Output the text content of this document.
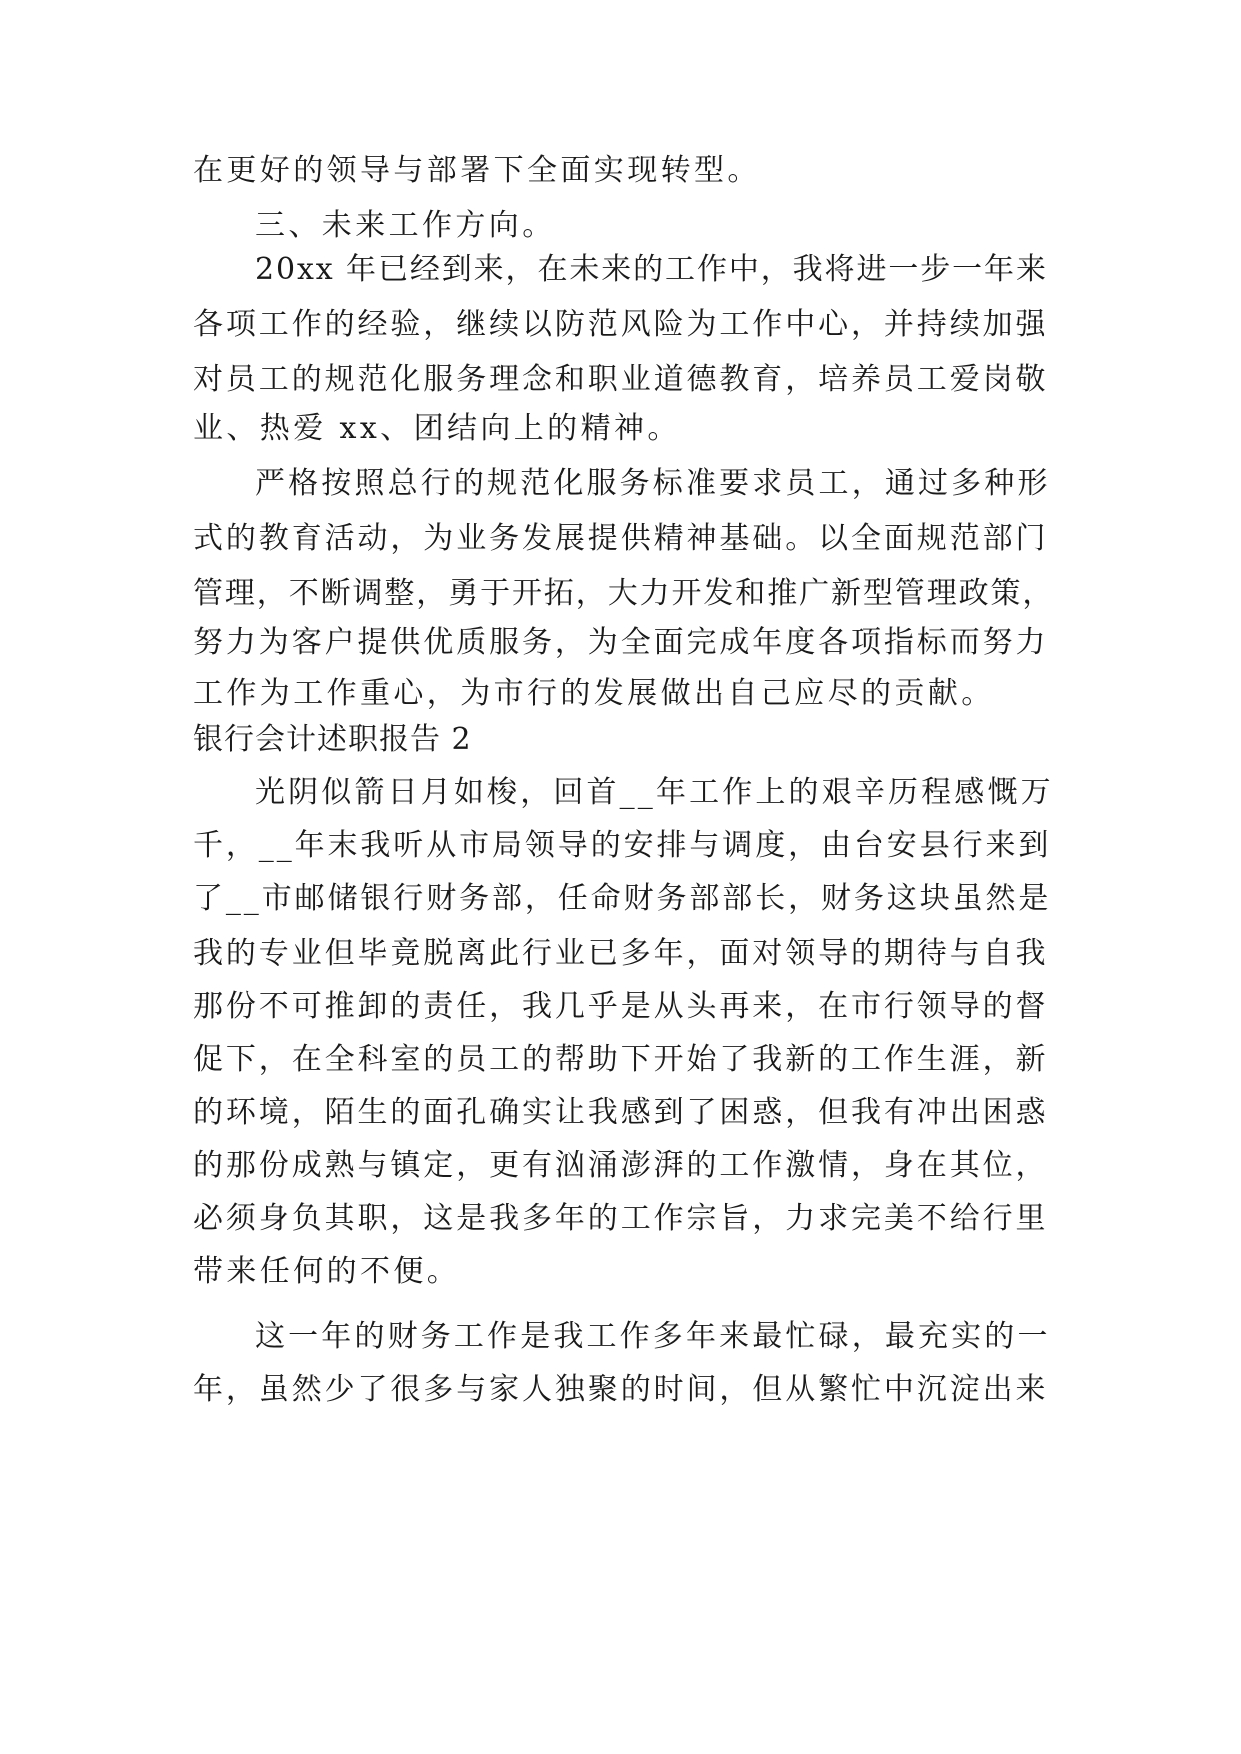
在更好的领导与部署下全面实现转型。
三、未来工作方向。
20xx 年已经到来，在未来的工作中，我将进一步一年来
各项工作的经验，继续以防范风险为工作中心，并持续加强
对员工的规范化服务理念和职业道德教育，培养员工爱岗敬
业、热爱 xx、团结向上的精神。
严格按照总行的规范化服务标准要求员工，通过多种形
式的教育活动，为业务发展提供精神基础。以全面规范部门
管理，不断调整，勇于开拓，大力开发和推广新型管理政策，
努力为客户提供优质服务，为全面完成年度各项指标而努力
工作为工作重心，为市行的发展做出自己应尽的贡献。
银行会计述职报告 2
光阴似箭日月如梭，回首__年工作上的艰辛历程感慨万
千，__年末我听从市局领导的安排与调度，由台安县行来到
了__市邮储银行财务部，任命财务部部长，财务这块虽然是
我的专业但毕竟脱离此行业已多年，面对领导的期待与自我
那份不可推卸的责任，我几乎是从头再来，在市行领导的督
促下，在全科室的员工的帮助下开始了我新的工作生涯，新
的环境，陌生的面孔确实让我感到了困惑，但我有冲出困惑
的那份成熟与镇定，更有汹涌澎湃的工作激情，身在其位，
必须身负其职，这是我多年的工作宗旨，力求完美不给行里
带来任何的不便。
这一年的财务工作是我工作多年来最忙碌，最充实的一
年，虽然少了很多与家人独聚的时间，但从繁忙中沉淀出来
